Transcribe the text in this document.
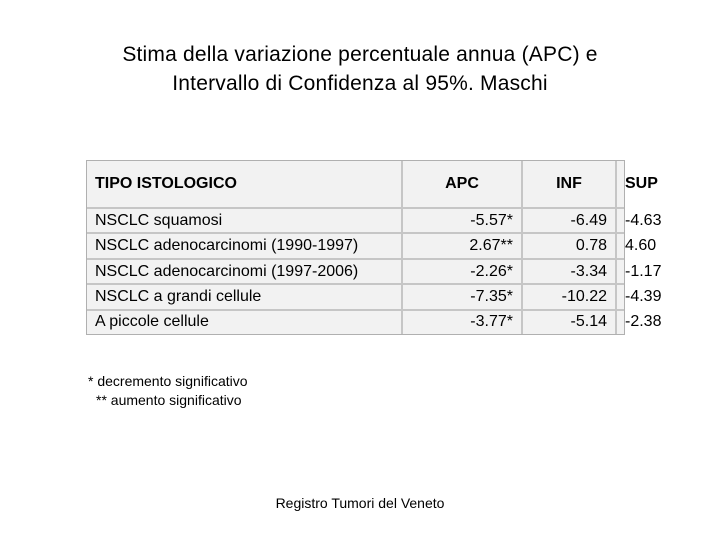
Stima della variazione percentuale annua (APC) e
Intervallo di Confidenza al 95%. Maschi
TIPO ISTOLOGICO	APC	INF	SUP
NSCLC squamosi	-5.57*	-6.49	-4.63
NSCLC adenocarcinomi (1990-1997)	2.67**	0.78	4.60
NSCLC adenocarcinomi (1997-2006)	-2.26*	-3.34	-1.17
NSCLC a grandi cellule	-7.35*	-10.22	-4.39
A piccole cellule	-3.77*	-5.14	-2.38
* decremento significativo
** aumento significativo
Registro Tumori del Veneto
